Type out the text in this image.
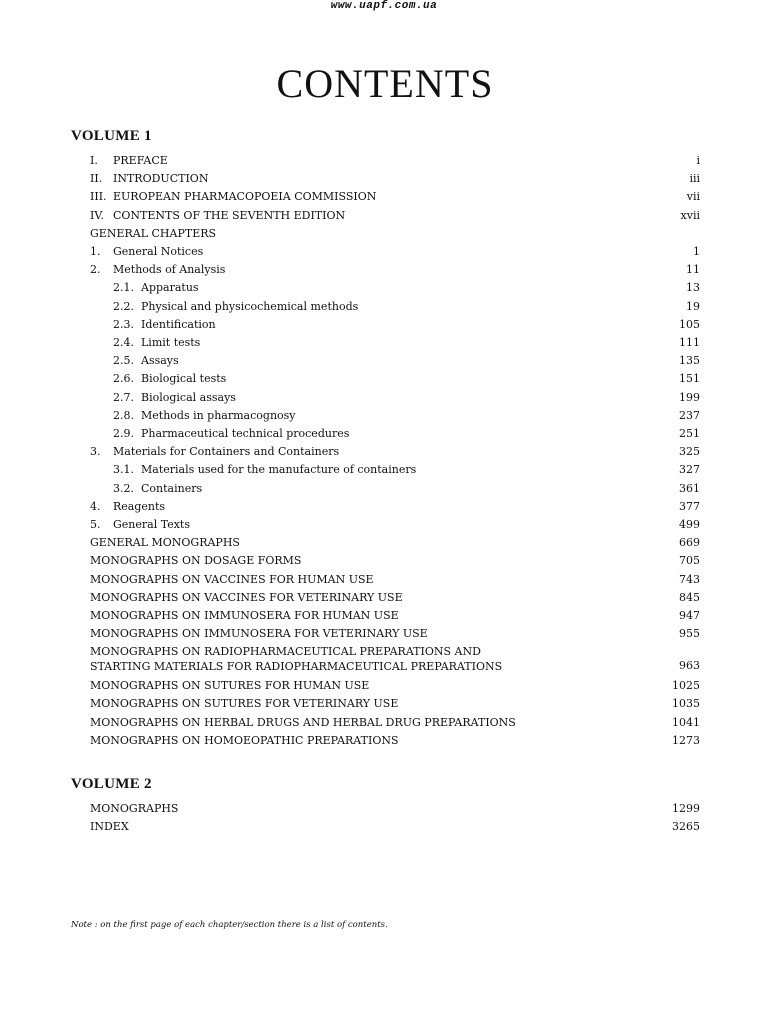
www.uapf.com.ua
CONTENTS
VOLUME 1
I. PREFACE	i
II. INTRODUCTION	iii
III. EUROPEAN PHARMACOPOEIA COMMISSION	vii
IV. CONTENTS OF THE SEVENTH EDITION	xvii
GENERAL CHAPTERS
1. General Notices	1
2. Methods of Analysis	11
2.1. Apparatus	13
2.2. Physical and physicochemical methods	19
2.3. Identification	105
2.4. Limit tests	111
2.5. Assays	135
2.6. Biological tests	151
2.7. Biological assays	199
2.8. Methods in pharmacognosy	237
2.9. Pharmaceutical technical procedures	251
3. Materials for Containers and Containers	325
3.1. Materials used for the manufacture of containers	327
3.2. Containers	361
4. Reagents	377
5. General Texts	499
GENERAL MONOGRAPHS	669
MONOGRAPHS ON DOSAGE FORMS	705
MONOGRAPHS ON VACCINES FOR HUMAN USE	743
MONOGRAPHS ON VACCINES FOR VETERINARY USE	845
MONOGRAPHS ON IMMUNOSERA FOR HUMAN USE	947
MONOGRAPHS ON IMMUNOSERA FOR VETERINARY USE	955
MONOGRAPHS ON RADIOPHARMACEUTICAL PREPARATIONS AND
STARTING MATERIALS FOR RADIOPHARMACEUTICAL PREPARATIONS	963
MONOGRAPHS ON SUTURES FOR HUMAN USE	1025
MONOGRAPHS ON SUTURES FOR VETERINARY USE	1035
MONOGRAPHS ON HERBAL DRUGS AND HERBAL DRUG PREPARATIONS	1041
MONOGRAPHS ON HOMOEOPATHIC PREPARATIONS	1273
VOLUME 2
MONOGRAPHS	1299
INDEX	3265
Note : on the first page of each chapter/section there is a list of contents.
